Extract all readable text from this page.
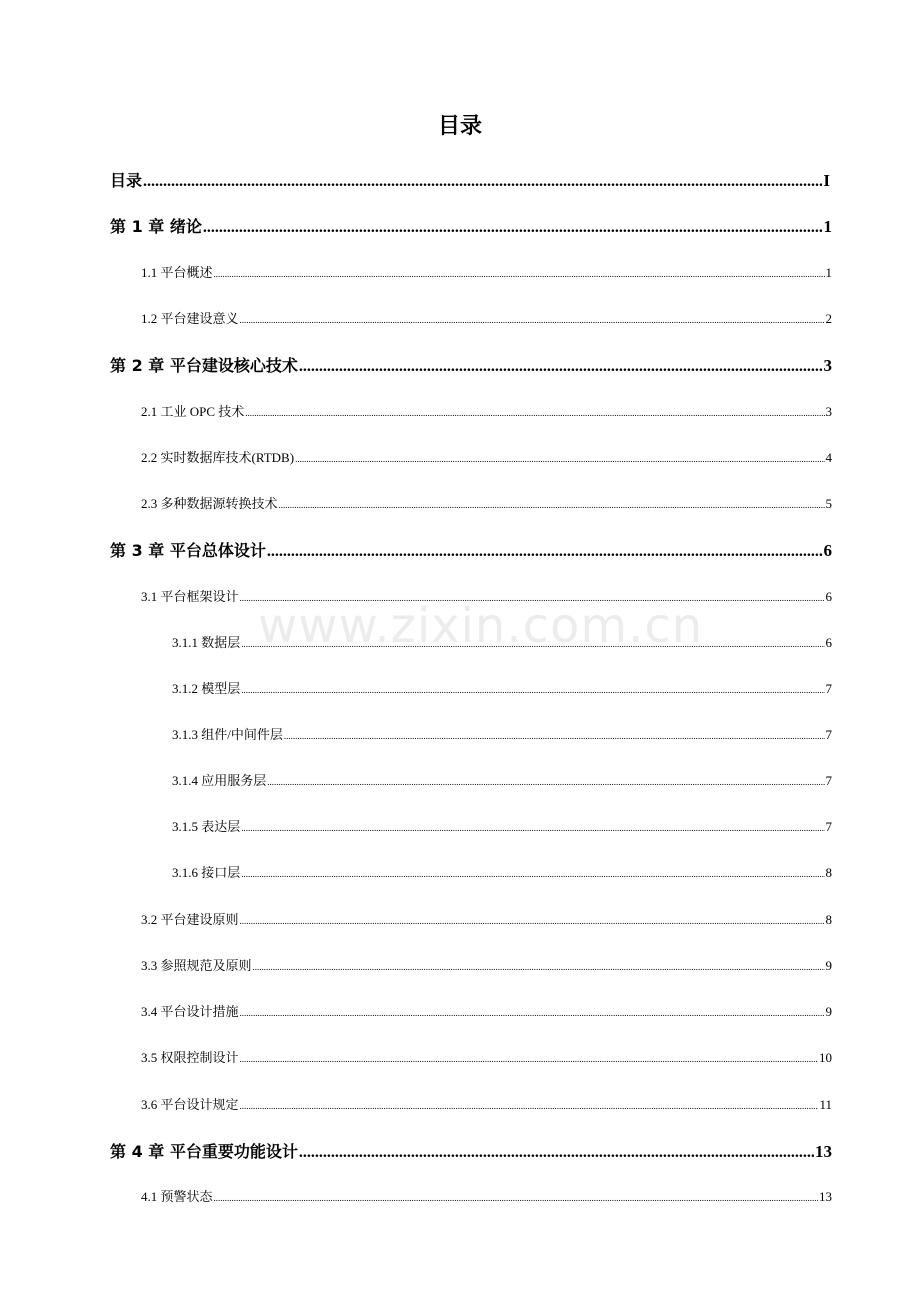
目录
www.zixin.com.cn
目录 .....	I
第 1 章 绪论 .....	1
1.1 平台概述 .....	1
1.2 平台建设意义 .....	2
第 2 章 平台建设核心技术 .....	3
2.1 工业 OPC 技术 .....	3
2.2 实时数据库技术(RTDB) .....	4
2.3 多种数据源转换技术 .....	5
第 3 章 平台总体设计 .....	6
3.1 平台框架设计 .....	6
3.1.1 数据层 .....	6
3.1.2 模型层 .....	7
3.1.3 组件/中间件层 .....	7
3.1.4 应用服务层 .....	7
3.1.5 表达层 .....	7
3.1.6 接口层 .....	8
3.2 平台建设原则 .....	8
3.3 参照规范及原则 .....	9
3.4 平台设计措施 .....	9
3.5 权限控制设计 .....	10
3.6 平台设计规定 .....	11
第 4 章 平台重要功能设计 .....	13
4.1 预警状态 .....	13
